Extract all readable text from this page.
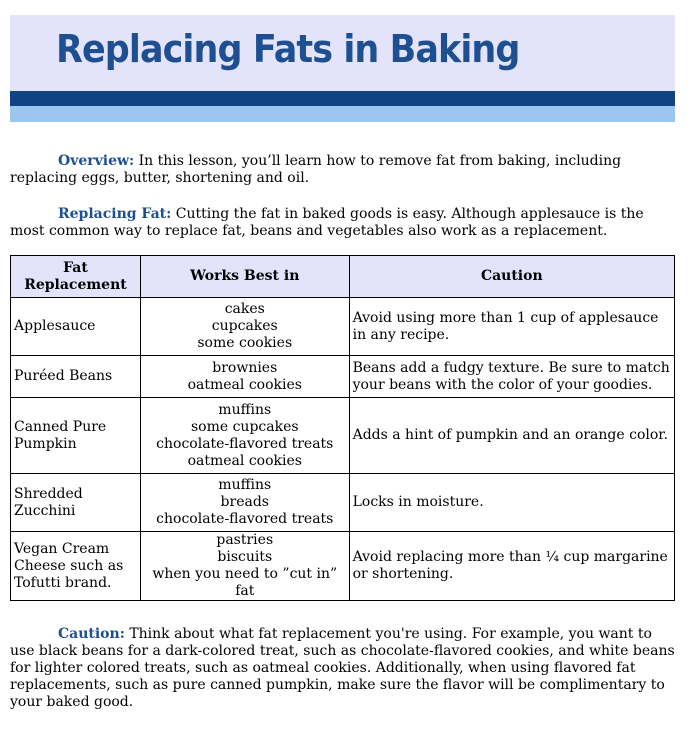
Replacing Fats in Baking

Overview: In this lesson, you’ll learn how to remove fat from baking, including replacing eggs, butter, shortening and oil.

Replacing Fat: Cutting the fat in baked goods is easy. Although applesauce is the most common way to replace fat, beans and vegetables also work as a replacement.

Fat
Replacement	Works Best in	Caution
Applesauce	cakes
cupcakes
some cookies	Avoid using more than 1 cup of applesauce in any recipe.
Puréed Beans	brownies
oatmeal cookies	Beans add a fudgy texture. Be sure to match your beans with the color of your goodies.
Canned Pure Pumpkin	muffins
some cupcakes
chocolate-flavored treats
oatmeal cookies	Adds a hint of pumpkin and an orange color.
Shredded Zucchini	muffins
breads
chocolate-flavored treats	Locks in moisture.
Vegan Cream Cheese such as Tofutti brand.	pastries
biscuits
when you need to ”cut in” fat	Avoid replacing more than ¼ cup margarine or shortening.

Caution: Think about what fat replacement you're using. For example, you want to use black beans for a dark-colored treat, such as chocolate-flavored cookies, and white beans for lighter colored treats, such as oatmeal cookies. Additionally, when using flavored fat replacements, such as pure canned pumpkin, make sure the flavor will be complimentary to your baked good.
